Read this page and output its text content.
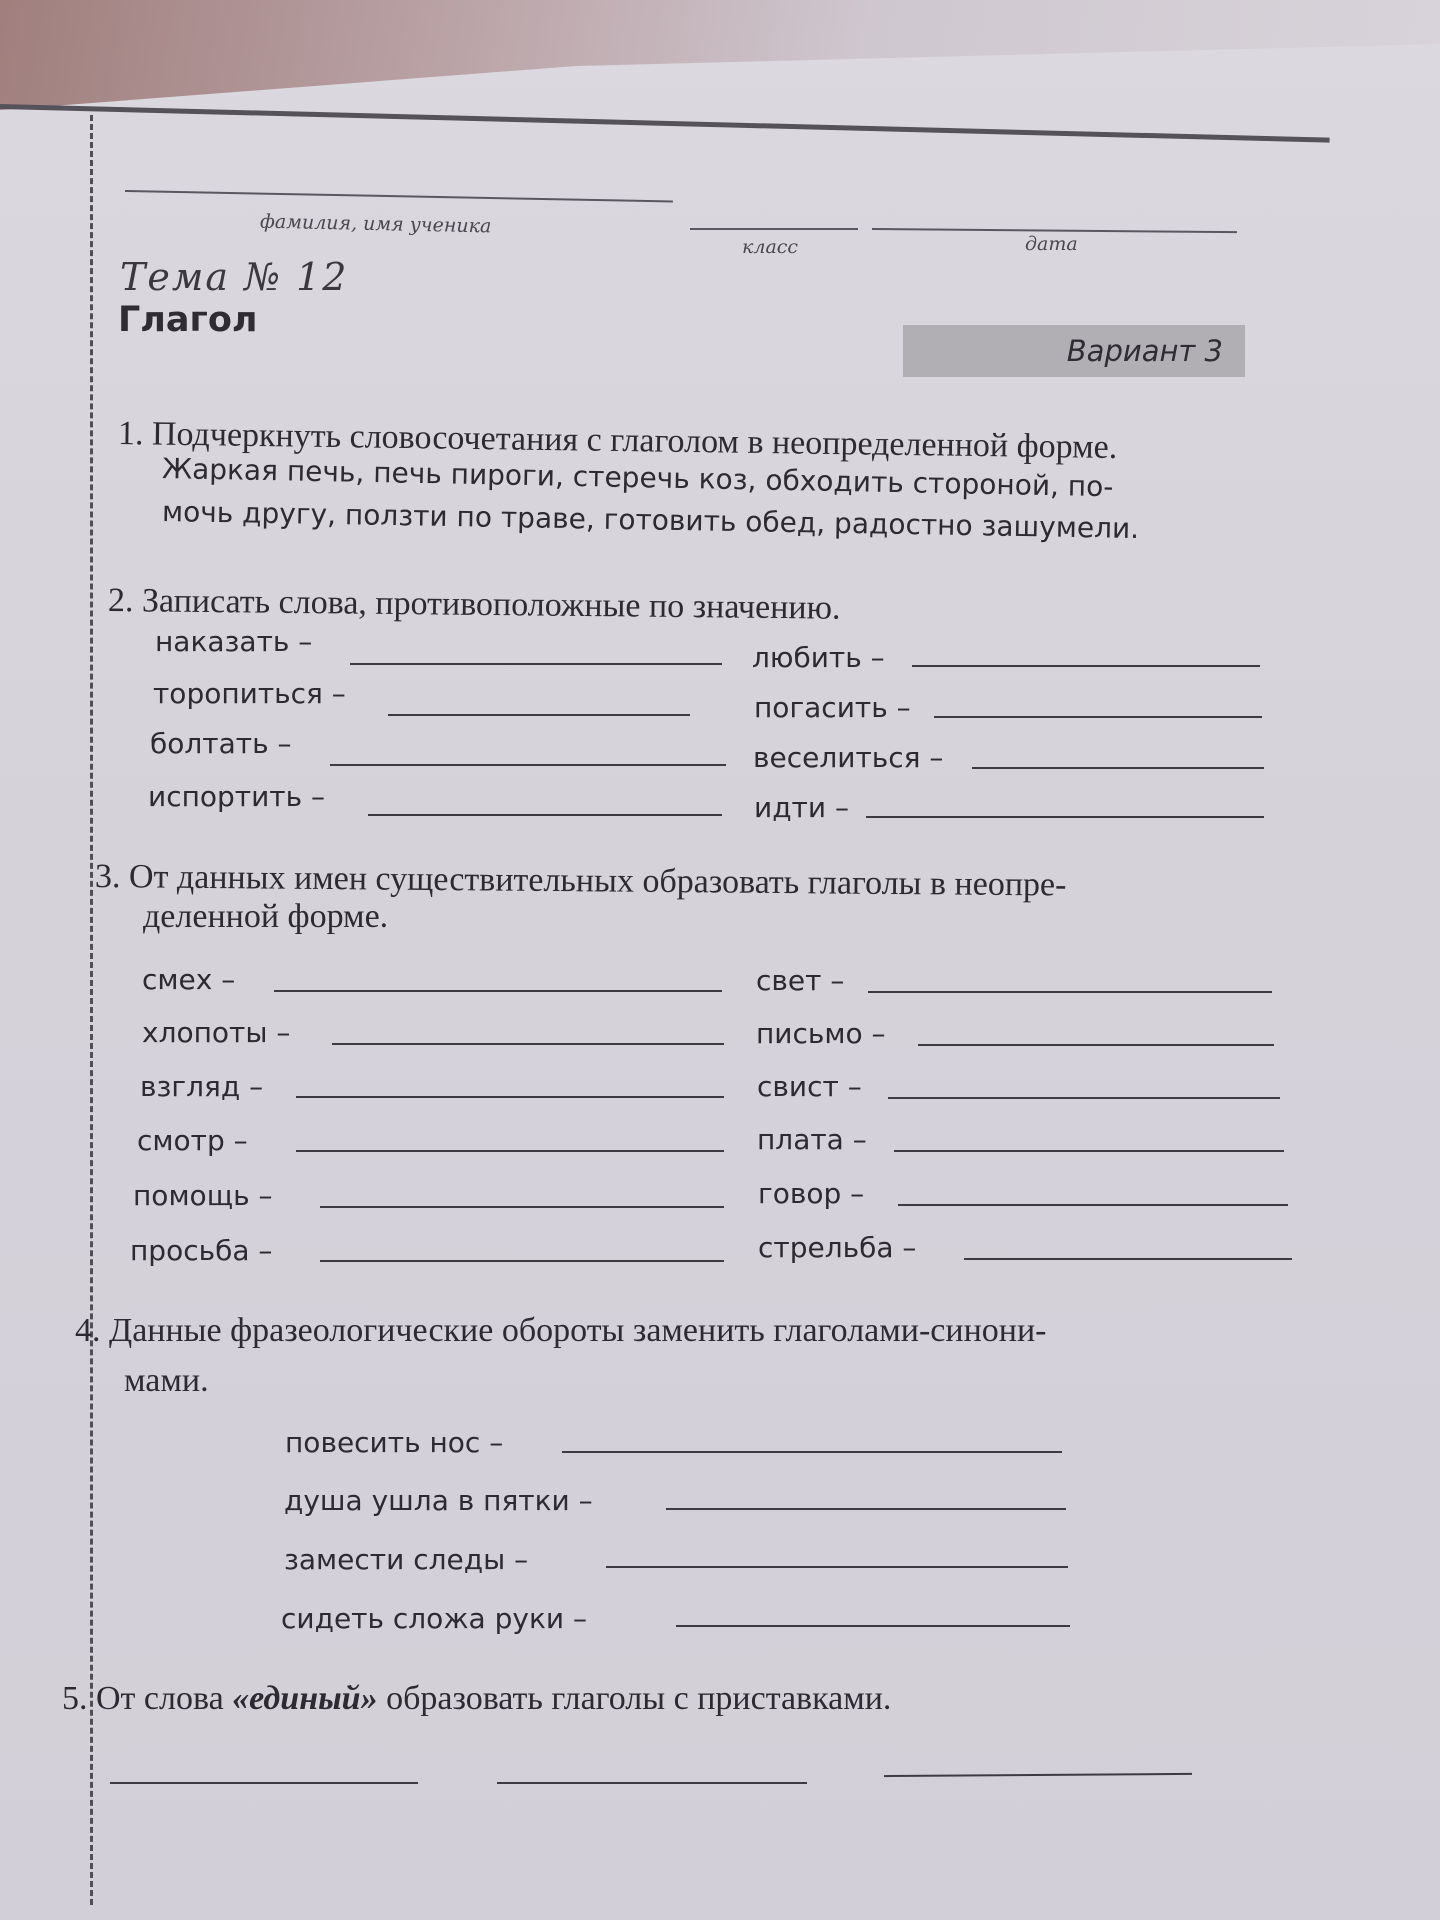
фамилия, имя ученика
класс	дата
Тема № 12
Глагол
Вариант 3
1. Подчеркнуть словосочетания с глаголом в неопределенной форме.
Жаркая печь, печь пироги, стеречь коз, обходить стороной, по-
мочь другу, ползти по траве, готовить обед, радостно зашумели.
2. Записать слова, противоположные по значению.
наказать –
торопиться –
болтать –
испортить –
любить –
погасить –
веселиться –
идти –
3. От данных имен существительных образовать глаголы в неопре-
деленной форме.
смех –
хлопоты –
взгляд –
смотр –
помощь –
просьба –
свет –
письмо –
свист –
плата –
говор –
стрельба –
4. Данные фразеологические обороты заменить глаголами-синони-
мами.
повесить нос –
душа ушла в пятки –
замести следы –
сидеть сложа руки –
5. От слова «единый» образовать глаголы с приставками.
